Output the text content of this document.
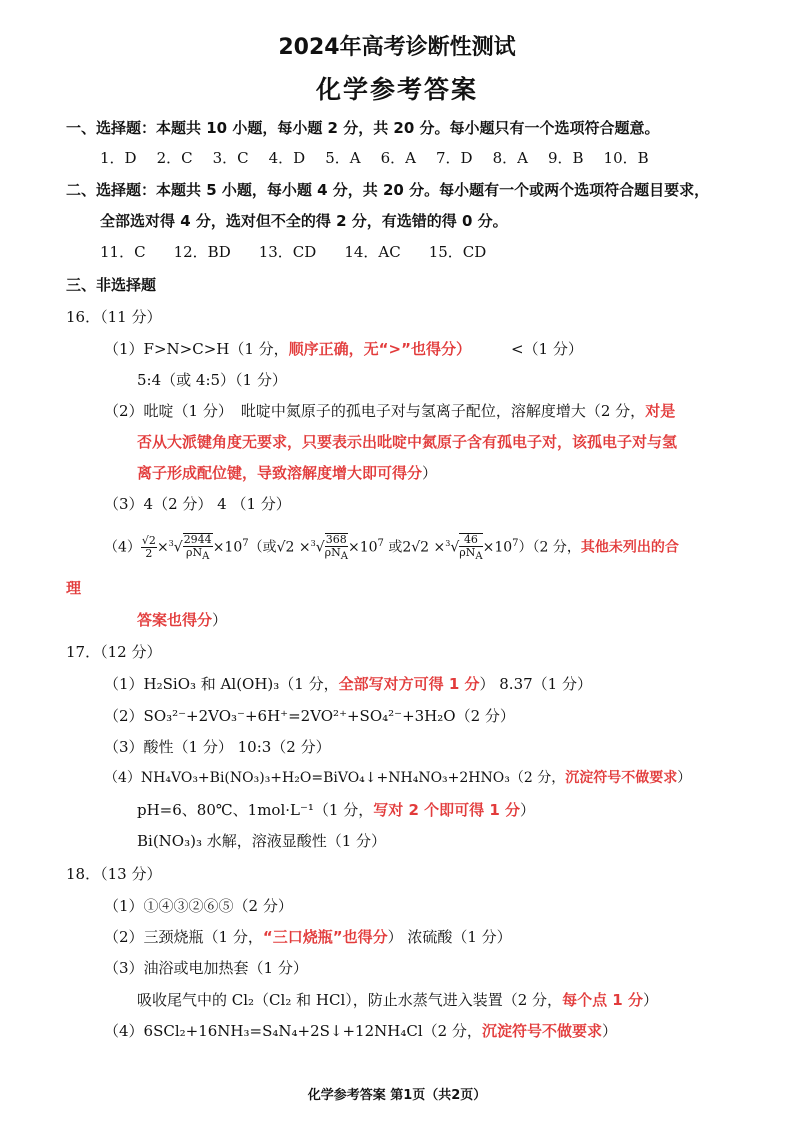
2024年高考诊断性测试
化学参考答案
一、选择题：本题共 10 小题，每小题 2 分，共 20 分。每小题只有一个选项符合题意。
1．D 2．C 3．C 4．D 5．A 6．A 7．D 8．A 9．B 10．B
二、选择题：本题共 5 小题，每小题 4 分，共 20 分。每小题有一个或两个选项符合题目要求，
全部选对得 4 分，选对但不全的得 2 分，有选错的得 0 分。
11．C 12．BD 13．CD 14．AC 15．CD
三、非选择题
16．（11 分）
（1）F>N>C>H（1 分，顺序正确，无“>”也得分）	<（1 分）
5:4（或 4:5）（1 分）
（2）吡啶（1 分） 吡啶中氮原子的孤电子对与氢离子配位，溶解度增大（2 分，对是
否从大派键角度无要求，只要表示出吡啶中氮原子含有孤电子对，该孤电子对与氢
离子形成配位键，导致溶解度增大即可得分）
（3）4（2 分） 4 （1 分）
$(4) \frac{√2}{2} \times^3√ \frac{2944}{\rho N_A} \times 10^7$（或$√2 \times^3√ \frac{368}{\rho N_A} \times 10^7$ 或$2√2 \times^3√ \frac{46}{\rho N_A} \times 10^7)(2$ 分，其他未列出的合
理
答案也得分）
17．（12 分）
（1）H₂SiO₃ 和 Al(OH)₃（1 分，全部写对方可得 1 分） 8.37（1 分）
（2）SO₃²⁻+2VO₃⁻+6H⁺=2VO²⁺+SO₄²⁻+3H₂O（2 分）
（3）酸性（1 分） 10:3（2 分）
（4）NH₄VO₃+Bi(NO₃)₃+H₂O=BiVO₄↓+NH₄NO₃+2HNO₃（2 分，沉淀符号不做要求）
pH=6、80℃、1mol·L⁻¹（1 分，写对 2 个即可得 1 分）
Bi(NO₃)₃ 水解，溶液显酸性（1 分）
18．（13 分）
（1）①④③②⑥⑤（2 分）
（2）三颈烧瓶（1 分，“三口烧瓶”也得分） 浓硫酸（1 分）
（3）油浴或电加热套（1 分）
吸收尾气中的 Cl₂（Cl₂ 和 HCl），防止水蒸气进入装置（2 分，每个点 1 分）
（4）6SCl₂+16NH₃=S₄N₄+2S↓+12NH₄Cl（2 分，沉淀符号不做要求）
化学参考答案 第1页（共2页）
